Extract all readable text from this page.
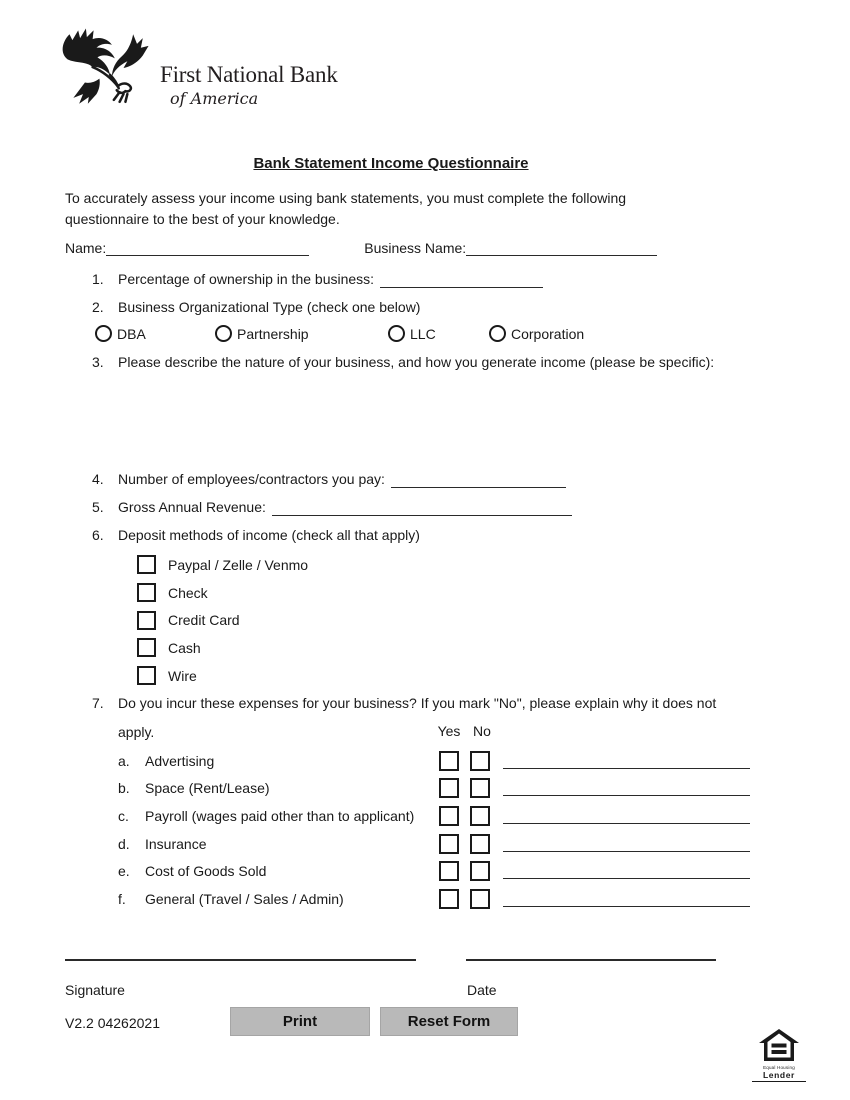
First National Bank
of America
Bank Statement Income Questionnaire
To accurately assess your income using bank statements, you must complete the following
questionnaire to the best of your knowledge.
Name:	Business Name:
1.	Percentage of ownership in the business:
2.	Business Organizational Type (check one below)
DBA	Partnership	LLC	Corporation
3.	Please describe the nature of your business, and how you generate income (please be specific):
4.	Number of employees/contractors you pay:
5.	Gross Annual Revenue:
6.	Deposit methods of income (check all that apply)
Paypal / Zelle / Venmo
Check
Credit Card
Cash
Wire
7.	Do you incur these expenses for your business? If you mark "No", please explain why it does not
apply.	Yes No
a.	Advertising
b.	Space (Rent/Lease)
c.	Payroll (wages paid other than to applicant)
d.	Insurance
e.	Cost of Goods Sold
f.	General (Travel / Sales / Admin)
Signature	Date
V2.2 04262021	Print	Reset Form
Equal Housing
Lender
